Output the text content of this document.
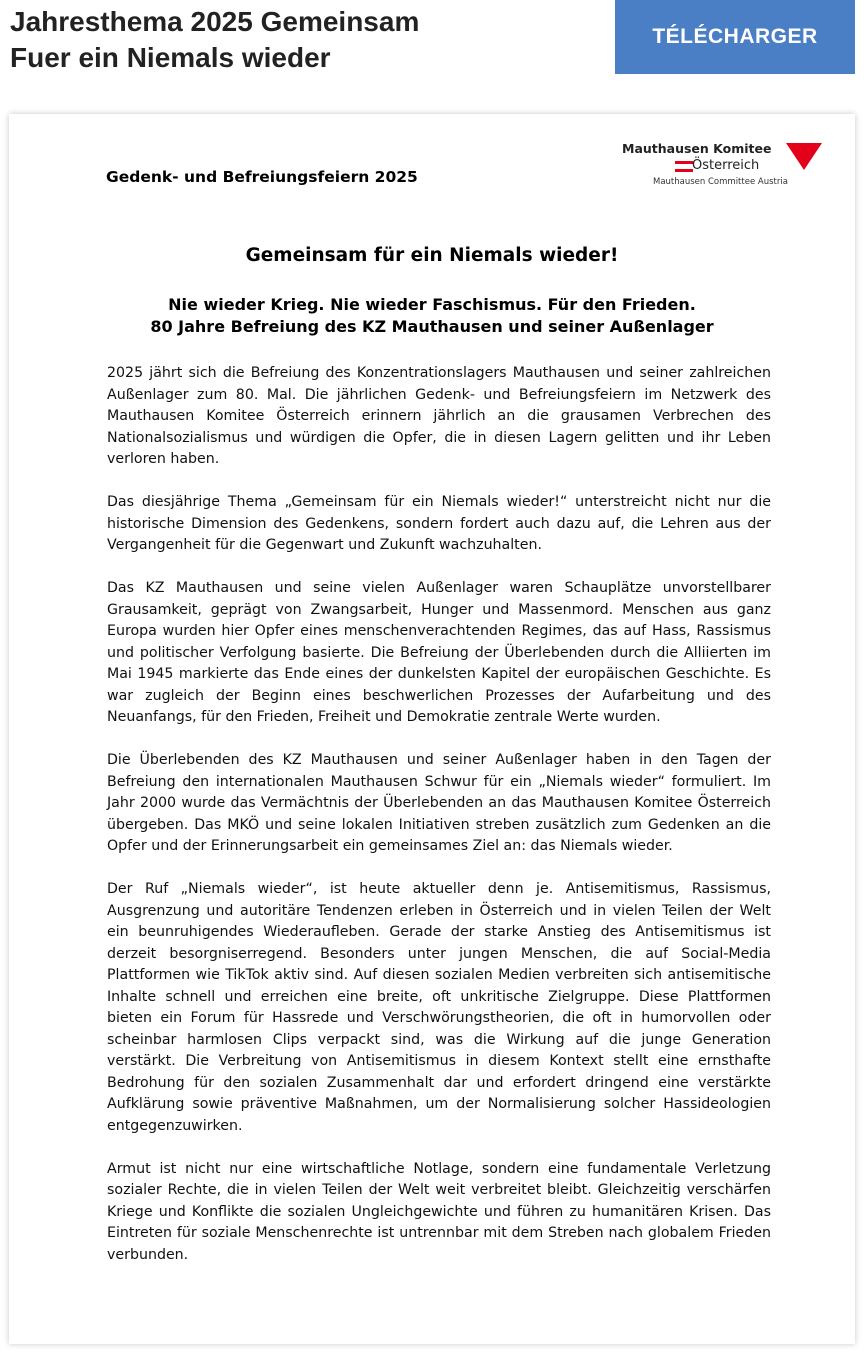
Jahresthema 2025 Gemeinsam
Fuer ein Niemals wieder
TÉLÉCHARGER
Gedenk- und Befreiungsfeiern 2025
Mauthausen Komitee
Österreich
Mauthausen Committee Austria
Gemeinsam für ein Niemals wieder!
Nie wieder Krieg. Nie wieder Faschismus. Für den Frieden.
80 Jahre Befreiung des KZ Mauthausen und seiner Außenlager

2025 jährt sich die Befreiung des Konzentrationslagers Mauthausen und seiner zahlreichen Außenlager zum 80. Mal. Die jährlichen Gedenk- und Befreiungsfeiern im Netzwerk des Mauthausen Komitee Österreich erinnern jährlich an die grausamen Verbrechen des Nationalsozialismus und würdigen die Opfer, die in diesen Lagern gelitten und ihr Leben verloren haben.

Das diesjährige Thema „Gemeinsam für ein Niemals wieder!“ unterstreicht nicht nur die historische Dimension des Gedenkens, sondern fordert auch dazu auf, die Lehren aus der Vergangenheit für die Gegenwart und Zukunft wachzuhalten.

Das KZ Mauthausen und seine vielen Außenlager waren Schauplätze unvorstellbarer Grausamkeit, geprägt von Zwangsarbeit, Hunger und Massenmord. Menschen aus ganz Europa wurden hier Opfer eines menschenverachtenden Regimes, das auf Hass, Rassismus und politischer Verfolgung basierte. Die Befreiung der Überlebenden durch die Alliierten im Mai 1945 markierte das Ende eines der dunkelsten Kapitel der europäischen Geschichte. Es war zugleich der Beginn eines beschwerlichen Prozesses der Aufarbeitung und des Neuanfangs, für den Frieden, Freiheit und Demokratie zentrale Werte wurden.

Die Überlebenden des KZ Mauthausen und seiner Außenlager haben in den Tagen der Befreiung den internationalen Mauthausen Schwur für ein „Niemals wieder“ formuliert. Im Jahr 2000 wurde das Vermächtnis der Überlebenden an das Mauthausen Komitee Österreich übergeben. Das MKÖ und seine lokalen Initiativen streben zusätzlich zum Gedenken an die Opfer und der Erinnerungsarbeit ein gemeinsames Ziel an: das Niemals wieder.

Der Ruf „Niemals wieder“, ist heute aktueller denn je. Antisemitismus, Rassismus, Ausgrenzung und autoritäre Tendenzen erleben in Österreich und in vielen Teilen der Welt ein beunruhigendes Wiederaufleben. Gerade der starke Anstieg des Antisemitismus ist derzeit besorgniserregend. Besonders unter jungen Menschen, die auf Social-Media Plattformen wie TikTok aktiv sind. Auf diesen sozialen Medien verbreiten sich antisemitische Inhalte schnell und erreichen eine breite, oft unkritische Zielgruppe. Diese Plattformen bieten ein Forum für Hassrede und Verschwörungstheorien, die oft in humorvollen oder scheinbar harmlosen Clips verpackt sind, was die Wirkung auf die junge Generation verstärkt. Die Verbreitung von Antisemitismus in diesem Kontext stellt eine ernsthafte Bedrohung für den sozialen Zusammenhalt dar und erfordert dringend eine verstärkte Aufklärung sowie präventive Maßnahmen, um der Normalisierung solcher Hassideologien entgegenzuwirken.

Armut ist nicht nur eine wirtschaftliche Notlage, sondern eine fundamentale Verletzung sozialer Rechte, die in vielen Teilen der Welt weit verbreitet bleibt. Gleichzeitig verschärfen Kriege und Konflikte die sozialen Ungleichgewichte und führen zu humanitären Krisen. Das Eintreten für soziale Menschenrechte ist untrennbar mit dem Streben nach globalem Frieden verbunden.
